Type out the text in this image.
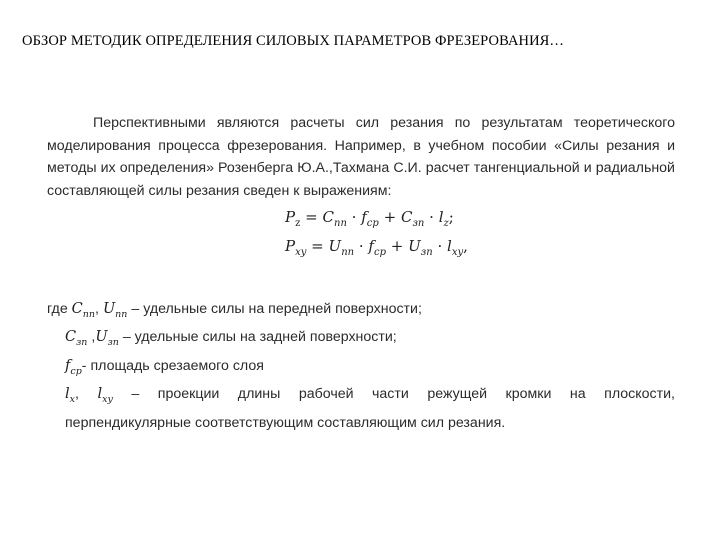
ОБЗОР МЕТОДИК ОПРЕДЕЛЕНИЯ СИЛОВЫХ ПАРАМЕТРОВ ФРЕЗЕРОВАНИЯ…

Перспективными являются расчеты сил резания по результатам теоретического моделирования процесса фрезерования. Например, в учебном пособии «Силы резания и методы их определения» Розенберга Ю.А.,Тахмана С.И. расчет тангенциальной и радиальной составляющей силы резания сведен к выражениям:

$P_z = C_{пп} \cdot f_{ср} + C_{зп} \cdot l_z$;
$P_{xy} = U_{пп} \cdot f_{ср} + U_{зп} \cdot l_{xy}$,

где $C_{пп}$, $U_{пп}$ – удельные силы на передней поверхности;

$C_{зп}$ $,U_{зп}$ – удельные силы на задней поверхности;

$f_{ср}-$ площадь срезаемого слоя

$l_x$, $l_{xy}$ – проекции длины рабочей части режущей кромки на плоскости,

перпендикулярные соответствующим составляющим сил резания.
